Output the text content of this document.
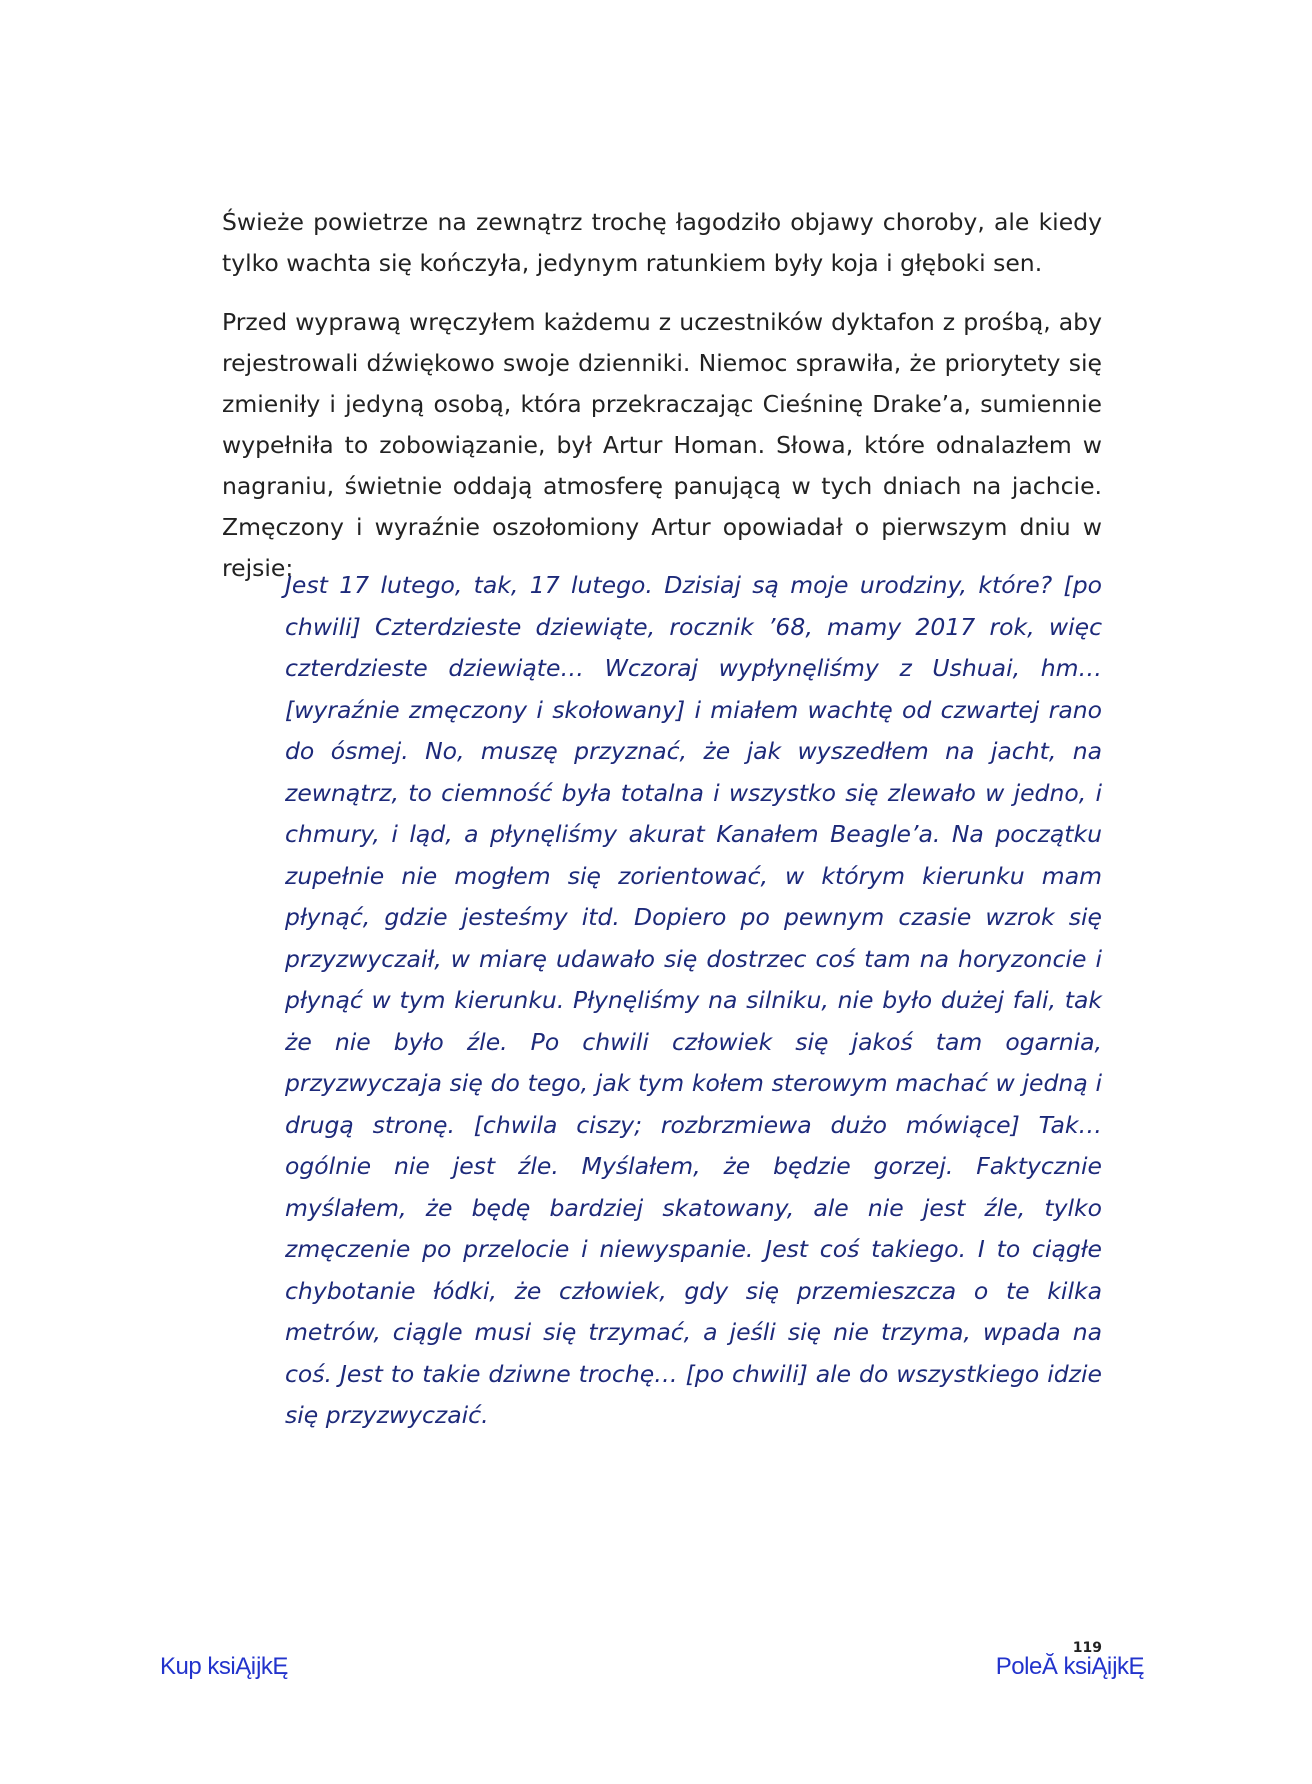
Świeże powietrze na zewnątrz trochę łagodziło objawy choroby, ale kiedy tylko wachta się kończyła, jedynym ratunkiem były koja i głęboki sen.

Przed wyprawą wręczyłem każdemu z uczestników dyktafon z prośbą, aby rejestrowali dźwiękowo swoje dzienniki. Niemoc sprawiła, że priorytety się zmieniły i jedyną osobą, która przekraczając Cieśninę Drake’a, sumiennie wypełniła to zobowiązanie, był Artur Homan. Słowa, które odnalazłem w nagraniu, świetnie oddają atmosferę panującą w tych dniach na jachcie. Zmęczony i wyraźnie oszołomiony Artur opowiadał o pierwszym dniu w rejsie:

Jest 17 lutego, tak, 17 lutego. Dzisiaj są moje urodziny, które? [po chwili] Czterdzieste dziewiąte, rocznik ’68, mamy 2017 rok, więc czterdzieste dziewiąte… Wczoraj wypłynęliśmy z Ushuai, hm… [wyraźnie zmęczony i skołowany] i miałem wachtę od czwartej rano do ósmej. No, muszę przyznać, że jak wyszedłem na jacht, na zewnątrz, to ciemność była totalna i wszystko się zlewało w jedno, i chmury, i ląd, a płynęliśmy akurat Kanałem Beagle’a. Na początku zupełnie nie mogłem się zorientować, w którym kierunku mam płynąć, gdzie jesteśmy itd. Dopiero po pewnym czasie wzrok się przyzwyczaił, w miarę udawało się dostrzec coś tam na horyzoncie i płynąć w tym kierunku. Płynęliśmy na silniku, nie było dużej fali, tak że nie było źle. Po chwili człowiek się jakoś tam ogarnia, przyzwyczaja się do tego, jak tym kołem sterowym machać w jedną i drugą stronę. [chwila ciszy; rozbrzmiewa dużo mówiące] Tak… ogólnie nie jest źle. Myślałem, że będzie gorzej. Faktycznie myślałem, że będę bardziej skatowany, ale nie jest źle, tylko zmęczenie po przelocie i niewyspanie. Jest coś takiego. I to ciągłe chybotanie łódki, że człowiek, gdy się przemieszcza o te kilka metrów, ciągle musi się trzymać, a jeśli się nie trzyma, wpada na coś. Jest to takie dziwne trochę… [po chwili] ale do wszystkiego idzie się przyzwyczaić.

119
Kup ksiĄĳkĘ	PoleĂ ksiĄĳkĘ
